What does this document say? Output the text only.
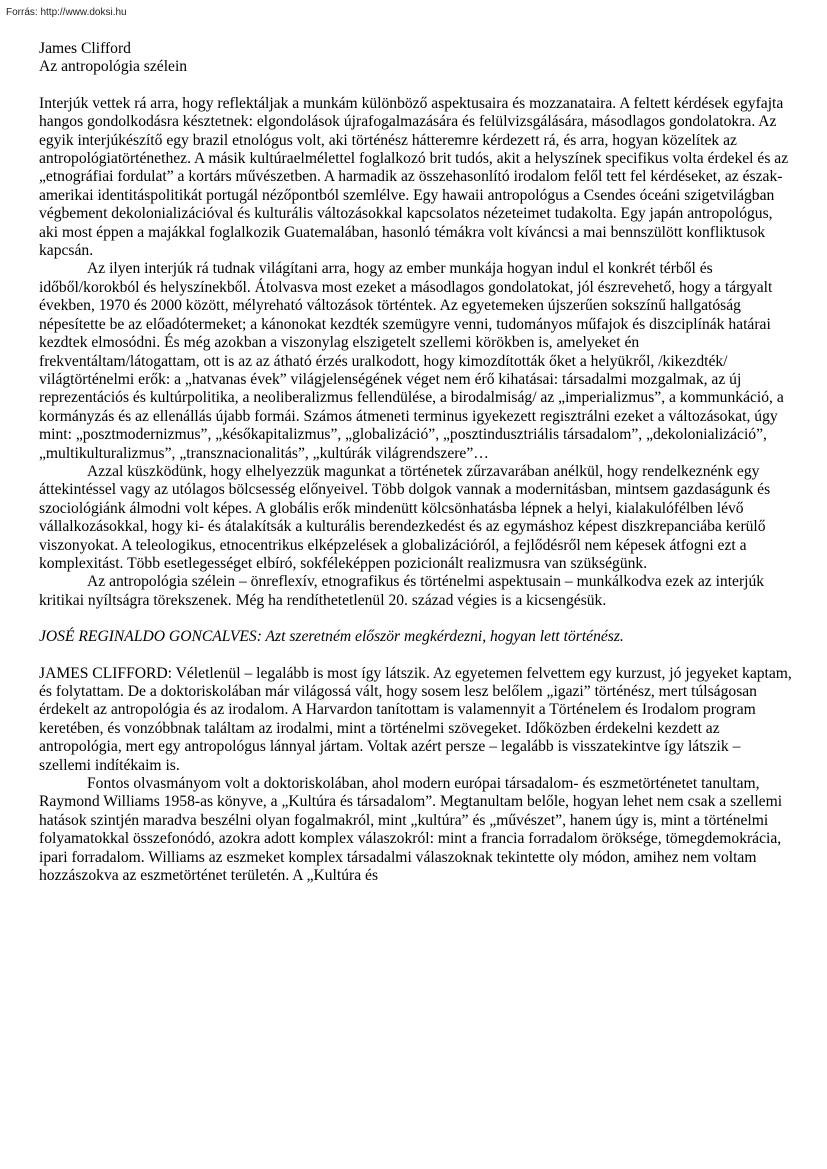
Forrás: http://www.doksi.hu
James Clifford
Az antropológia szélein

Interjúk vettek rá arra, hogy reflektáljak a munkám különböző aspektusaira és mozzanataira. A feltett kérdések egyfajta hangos gondolkodásra késztetnek: elgondolások újrafogalmazására és felülvizsgálására, másodlagos gondolatokra. Az egyik interjúkészítő egy brazil etnológus volt, aki történész hátteremre kérdezett rá, és arra, hogyan közelítek az antropológiatörténethez. A másik kultúraelmélettel foglalkozó brit tudós, akit a helyszínek specifikus volta érdekel és az „etnográfiai fordulat” a kortárs művészetben. A harmadik az összehasonlító irodalom felől tett fel kérdéseket, az észak-amerikai identitáspolitikát portugál nézőpontból szemlélve. Egy hawaii antropológus a Csendes óceáni szigetvilágban végbement dekolonializációval és kulturális változásokkal kapcsolatos nézeteimet tudakolta. Egy japán antropológus, aki most éppen a majákkal foglalkozik Guatemalában, hasonló témákra volt kíváncsi a mai bennszülött konfliktusok kapcsán.

Az ilyen interjúk rá tudnak világítani arra, hogy az ember munkája hogyan indul el konkrét térből és időből/korokból és helyszínekből. Átolvasva most ezeket a másodlagos gondolatokat, jól észrevehető, hogy a tárgyalt években, 1970 és 2000 között, mélyreható változások történtek. Az egyetemeken újszerűen sokszínű hallgatóság népesítette be az előadótermeket; a kánonokat kezdték szemügyre venni, tudományos műfajok és diszciplínák határai kezdtek elmosódni. És még azokban a viszonylag elszigetelt szellemi körökben is, amelyeket én frekventáltam/látogattam, ott is az az átható érzés uralkodott, hogy kimozdították őket a helyükről, /kikezdték/ világtörténelmi erők: a „hatvanas évek” világjelenségének véget nem érő kihatásai: társadalmi mozgalmak, az új reprezentációs és kultúrpolitika, a neoliberalizmus fellendülése, a birodalmiság/ az „imperializmus”, a kommunkáció, a kormányzás és az ellenállás újabb formái. Számos átmeneti terminus igyekezett regisztrálni ezeket a változásokat, úgy mint: „posztmodernizmus”, „későkapitalizmus”, „globalizáció”, „posztindusztriális társadalom”, „dekolonializáció”, „multikulturalizmus”, „transznacionalitás”, „kultúrák világrendszere”…

Azzal küszködünk, hogy elhelyezzük magunkat a történetek zűrzavarában anélkül, hogy rendelkeznénk egy áttekintéssel vagy az utólagos bölcsesség előnyeivel. Több dolgok vannak a modernitásban, mintsem gazdaságunk és szociológiánk álmodni volt képes. A globális erők mindenütt kölcsönhatásba lépnek a helyi, kialakulófélben lévő vállalkozásokkal, hogy ki- és átalakítsák a kulturális berendezkedést és az egymáshoz képest diszkrepanciába kerülő viszonyokat. A teleologikus, etnocentrikus elképzelések a globalizációról, a fejlődésről nem képesek átfogni ezt a komplexitást. Több esetlegességet elbíró, sokféleképpen pozicionált realizmusra van szükségünk.

Az antropológia szélein – önreflexív, etnografikus és történelmi aspektusain – munkálkodva ezek az interjúk kritikai nyíltságra törekszenek. Még ha rendíthetetlenül 20. század végies is a kicsengésük.

JOSÉ REGINALDO GONCALVES: Azt szeretném először megkérdezni, hogyan lett történész.

JAMES CLIFFORD: Véletlenül – legalább is most így látszik. Az egyetemen felvettem egy kurzust, jó jegyeket kaptam, és folytattam. De a doktoriskolában már világossá vált, hogy sosem lesz belőlem „igazi” történész, mert túlságosan érdekelt az antropológia és az irodalom. A Harvardon tanítottam is valamennyit a Történelem és Irodalom program keretében, és vonzóbbnak találtam az irodalmi, mint a történelmi szövegeket. Időközben érdekelni kezdett az antropológia, mert egy antropológus lánnyal jártam. Voltak azért persze – legalább is visszatekintve így látszik – szellemi indítékaim is.

Fontos olvasmányom volt a doktoriskolában, ahol modern európai társadalom- és eszmetörténetet tanultam, Raymond Williams 1958-as könyve, a „Kultúra és társadalom”. Megtanultam belőle, hogyan lehet nem csak a szellemi hatások szintjén maradva beszélni olyan fogalmakról, mint „kultúra” és „művészet”, hanem úgy is, mint a történelmi folyamatokkal összefonódó, azokra adott komplex válaszokról: mint a francia forradalom öröksége, tömegdemokrácia, ipari forradalom. Williams az eszmeket komplex társadalmi válaszoknak tekintette oly módon, amihez nem voltam hozzászokva az eszmetörténet területén. A „Kultúra és
